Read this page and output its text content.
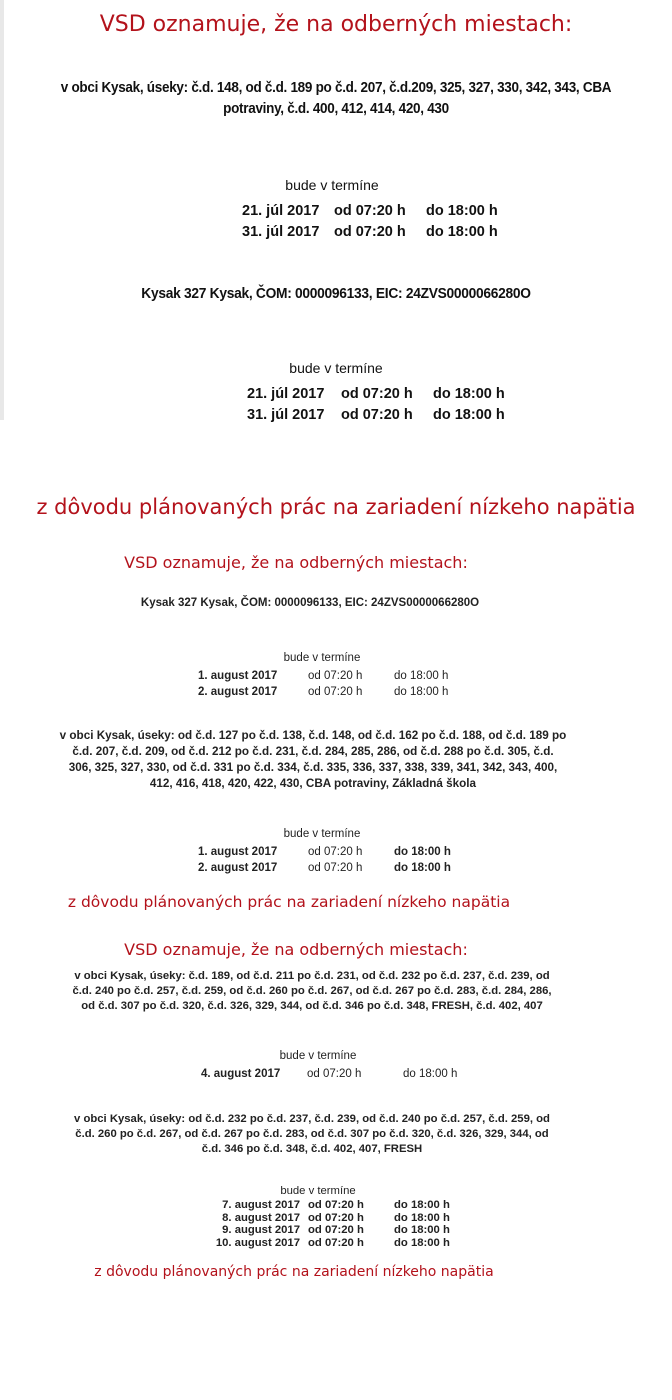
VSD oznamuje, že na odberných miestach:
v obci Kysak, úseky: č.d. 148, od č.d. 189 po č.d. 207, č.d.209, 325, 327, 330, 342, 343, CBA
potraviny, č.d. 400, 412, 414, 420, 430
bude v termíne
21. júl 2017 od 07:20 h do 18:00 h
31. júl 2017 od 07:20 h do 18:00 h
Kysak 327 Kysak, ČOM: 0000096133, EIC: 24ZVS0000066280O
bude v termíne
21. júl 2017 od 07:20 h do 18:00 h
31. júl 2017 od 07:20 h do 18:00 h
z dôvodu plánovaných prác na zariadení nízkeho napätia
VSD oznamuje, že na odberných miestach:
Kysak 327 Kysak, ČOM: 0000096133, EIC: 24ZVS0000066280O
bude v termíne
1. august 2017	od 07:20 h	do 18:00 h
2. august 2017	od 07:20 h	do 18:00 h

v obci Kysak, úseky: od č.d. 127 po č.d. 138, č.d. 148, od č.d. 162 po č.d. 188, od č.d. 189 po

č.d. 207, č.d. 209, od č.d. 212 po č.d. 231, č.d. 284, 285, 286, od č.d. 288 po č.d. 305, č.d.

306, 325, 327, 330, od č.d. 331 po č.d. 334, č.d. 335, 336, 337, 338, 339, 341, 342, 343, 400,

412, 416, 418, 420, 422, 430, CBA potraviny, Základná škola

bude v termíne
1. august 2017	od 07:20 h	do 18:00 h
2. august 2017	od 07:20 h	do 18:00 h
z dôvodu plánovaných prác na zariadení nízkeho napätia
VSD oznamuje, že na odberných miestach:

v obci Kysak, úseky: č.d. 189, od č.d. 211 po č.d. 231, od č.d. 232 po č.d. 237, č.d. 239, od

č.d. 240 po č.d. 257, č.d. 259, od č.d. 260 po č.d. 267, od č.d. 267 po č.d. 283, č.d. 284, 286,

od č.d. 307 po č.d. 320, č.d. 326, 329, 344, od č.d. 346 po č.d. 348, FRESH, č.d. 402, 407

bude v termíne
4. august 2017 od 07:20 h	do 18:00 h

v obci Kysak, úseky: od č.d. 232 po č.d. 237, č.d. 239, od č.d. 240 po č.d. 257, č.d. 259, od

č.d. 260 po č.d. 267, od č.d. 267 po č.d. 283, od č.d. 307 po č.d. 320, č.d. 326, 329, 344, od

č.d. 346 po č.d. 348, č.d. 402, 407, FRESH

bude v termíne
7. august 2017 od 07:20 h	do 18:00 h
8. august 2017 od 07:20 h	do 18:00 h
9. august 2017 od 07:20 h	do 18:00 h
10. august 2017 od 07:20 h	do 18:00 h
z dôvodu plánovaných prác na zariadení nízkeho napätia
